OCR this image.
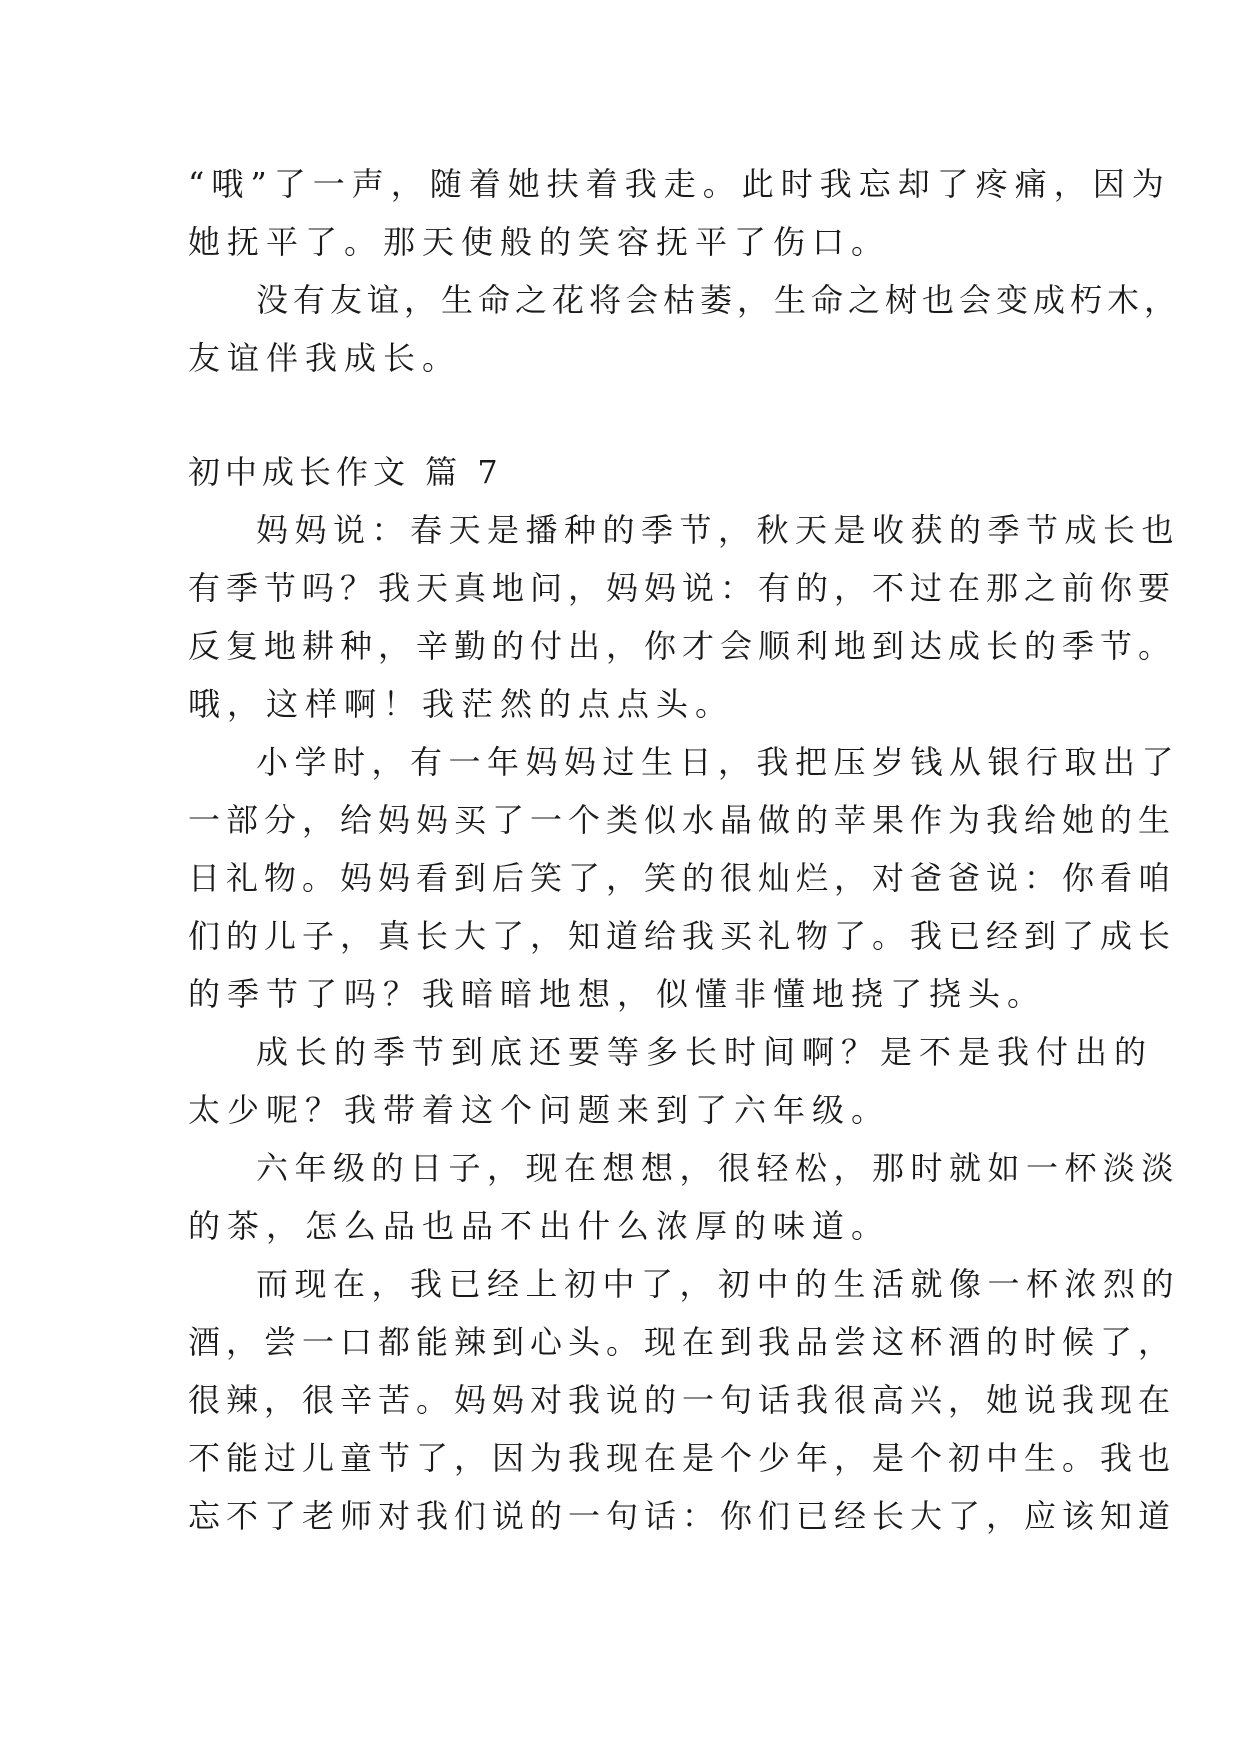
“哦”了一声，随着她扶着我走。此时我忘却了疼痛，因为
她抚平了。那天使般的笑容抚平了伤口。
没有友谊，生命之花将会枯萎，生命之树也会变成朽木，
友谊伴我成长。
初中成长作文 篇 7
妈妈说：春天是播种的季节，秋天是收获的季节成长也
有季节吗？我天真地问，妈妈说：有的，不过在那之前你要
反复地耕种，辛勤的付出，你才会顺利地到达成长的季节。
哦，这样啊！我茫然的点点头。
小学时，有一年妈妈过生日，我把压岁钱从银行取出了
一部分，给妈妈买了一个类似水晶做的苹果作为我给她的生
日礼物。妈妈看到后笑了，笑的很灿烂，对爸爸说：你看咱
们的儿子，真长大了，知道给我买礼物了。我已经到了成长
的季节了吗？我暗暗地想，似懂非懂地挠了挠头。
成长的季节到底还要等多长时间啊？是不是我付出的
太少呢？我带着这个问题来到了六年级。
六年级的日子，现在想想，很轻松，那时就如一杯淡淡
的茶，怎么品也品不出什么浓厚的味道。
而现在，我已经上初中了，初中的生活就像一杯浓烈的
酒，尝一口都能辣到心头。现在到我品尝这杯酒的时候了，
很辣，很辛苦。妈妈对我说的一句话我很高兴，她说我现在
不能过儿童节了，因为我现在是个少年，是个初中生。我也
忘不了老师对我们说的一句话：你们已经长大了，应该知道
